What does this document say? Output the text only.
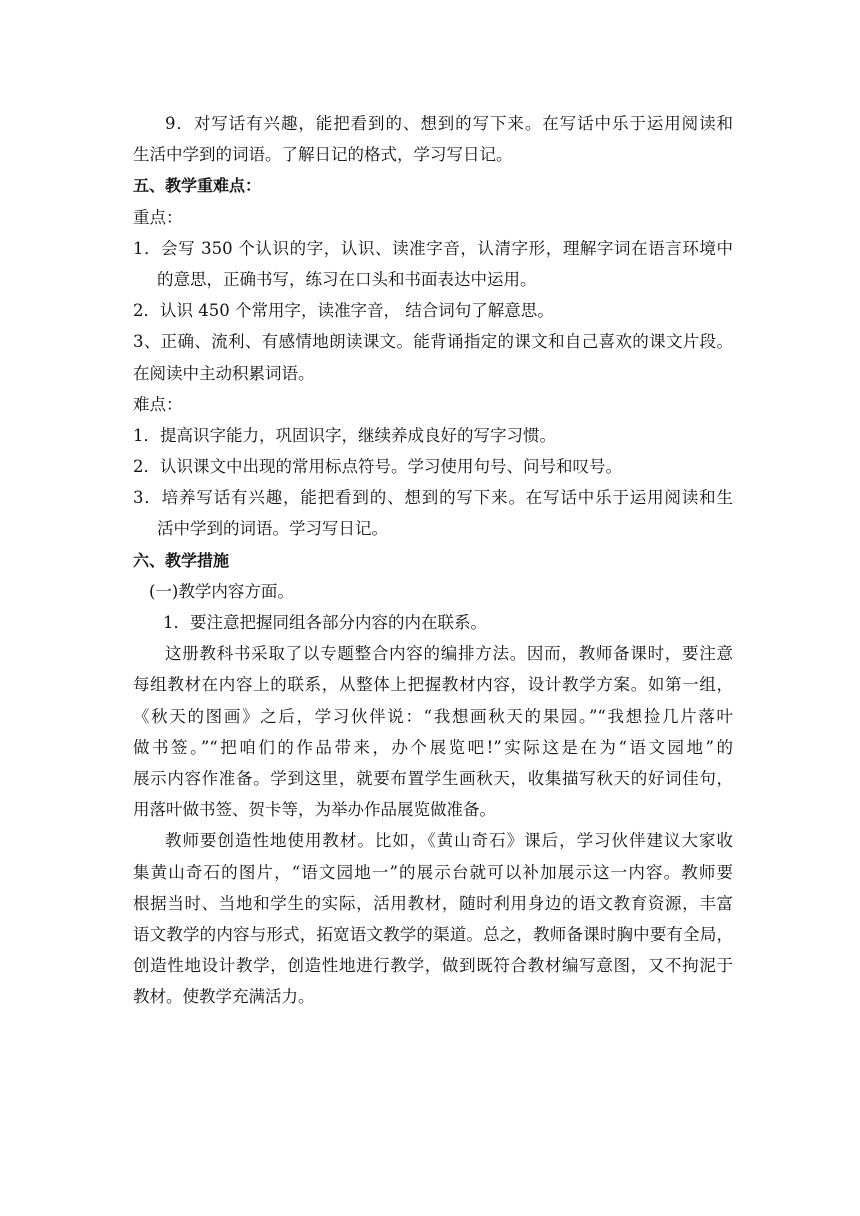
9．对写话有兴趣，能把看到的、想到的写下来。在写话中乐于运用阅读和
生活中学到的词语。了解日记的格式，学习写日记。
五、教学重难点：
重点：
1．会写 350 个认识的字，认识、读准字音，认清字形，理解字词在语言环境中
的意思，正确书写，练习在口头和书面表达中运用。
2．认识 450 个常用字，读准字音， 结合词句了解意思。
3、正确、流利、有感情地朗读课文。能背诵指定的课文和自己喜欢的课文片段。
在阅读中主动积累词语。
难点：
1．提高识字能力，巩固识字，继续养成良好的写字习惯。
2．认识课文中出现的常用标点符号。学习使用句号、问号和叹号。
3．培养写话有兴趣，能把看到的、想到的写下来。在写话中乐于运用阅读和生
活中学到的词语。学习写日记。
六、教学措施
(一)教学内容方面。
1．要注意把握同组各部分内容的内在联系。
这册教科书采取了以专题整合内容的编排方法。因而，教师备课时，要注意
每组教材在内容上的联系，从整体上把握教材内容，设计教学方案。如第一组，
《秋天的图画》之后，学习伙伴说：“我想画秋天的果园。”“我想捡几片落叶
做书签。”“把咱们的作品带来，办个展览吧!”实际这是在为“语文园地”的
展示内容作准备。学到这里，就要布置学生画秋天，收集描写秋天的好词佳句，
用落叶做书签、贺卡等，为举办作品展览做准备。
教师要创造性地使用教材。比如，《黄山奇石》课后，学习伙伴建议大家收
集黄山奇石的图片，“语文园地一”的展示台就可以补加展示这一内容。教师要
根据当时、当地和学生的实际，活用教材，随时利用身边的语文教育资源，丰富
语文教学的内容与形式，拓宽语文教学的渠道。总之，教师备课时胸中要有全局，
创造性地设计教学，创造性地进行教学，做到既符合教材编写意图，又不拘泥于
教材。使教学充满活力。
